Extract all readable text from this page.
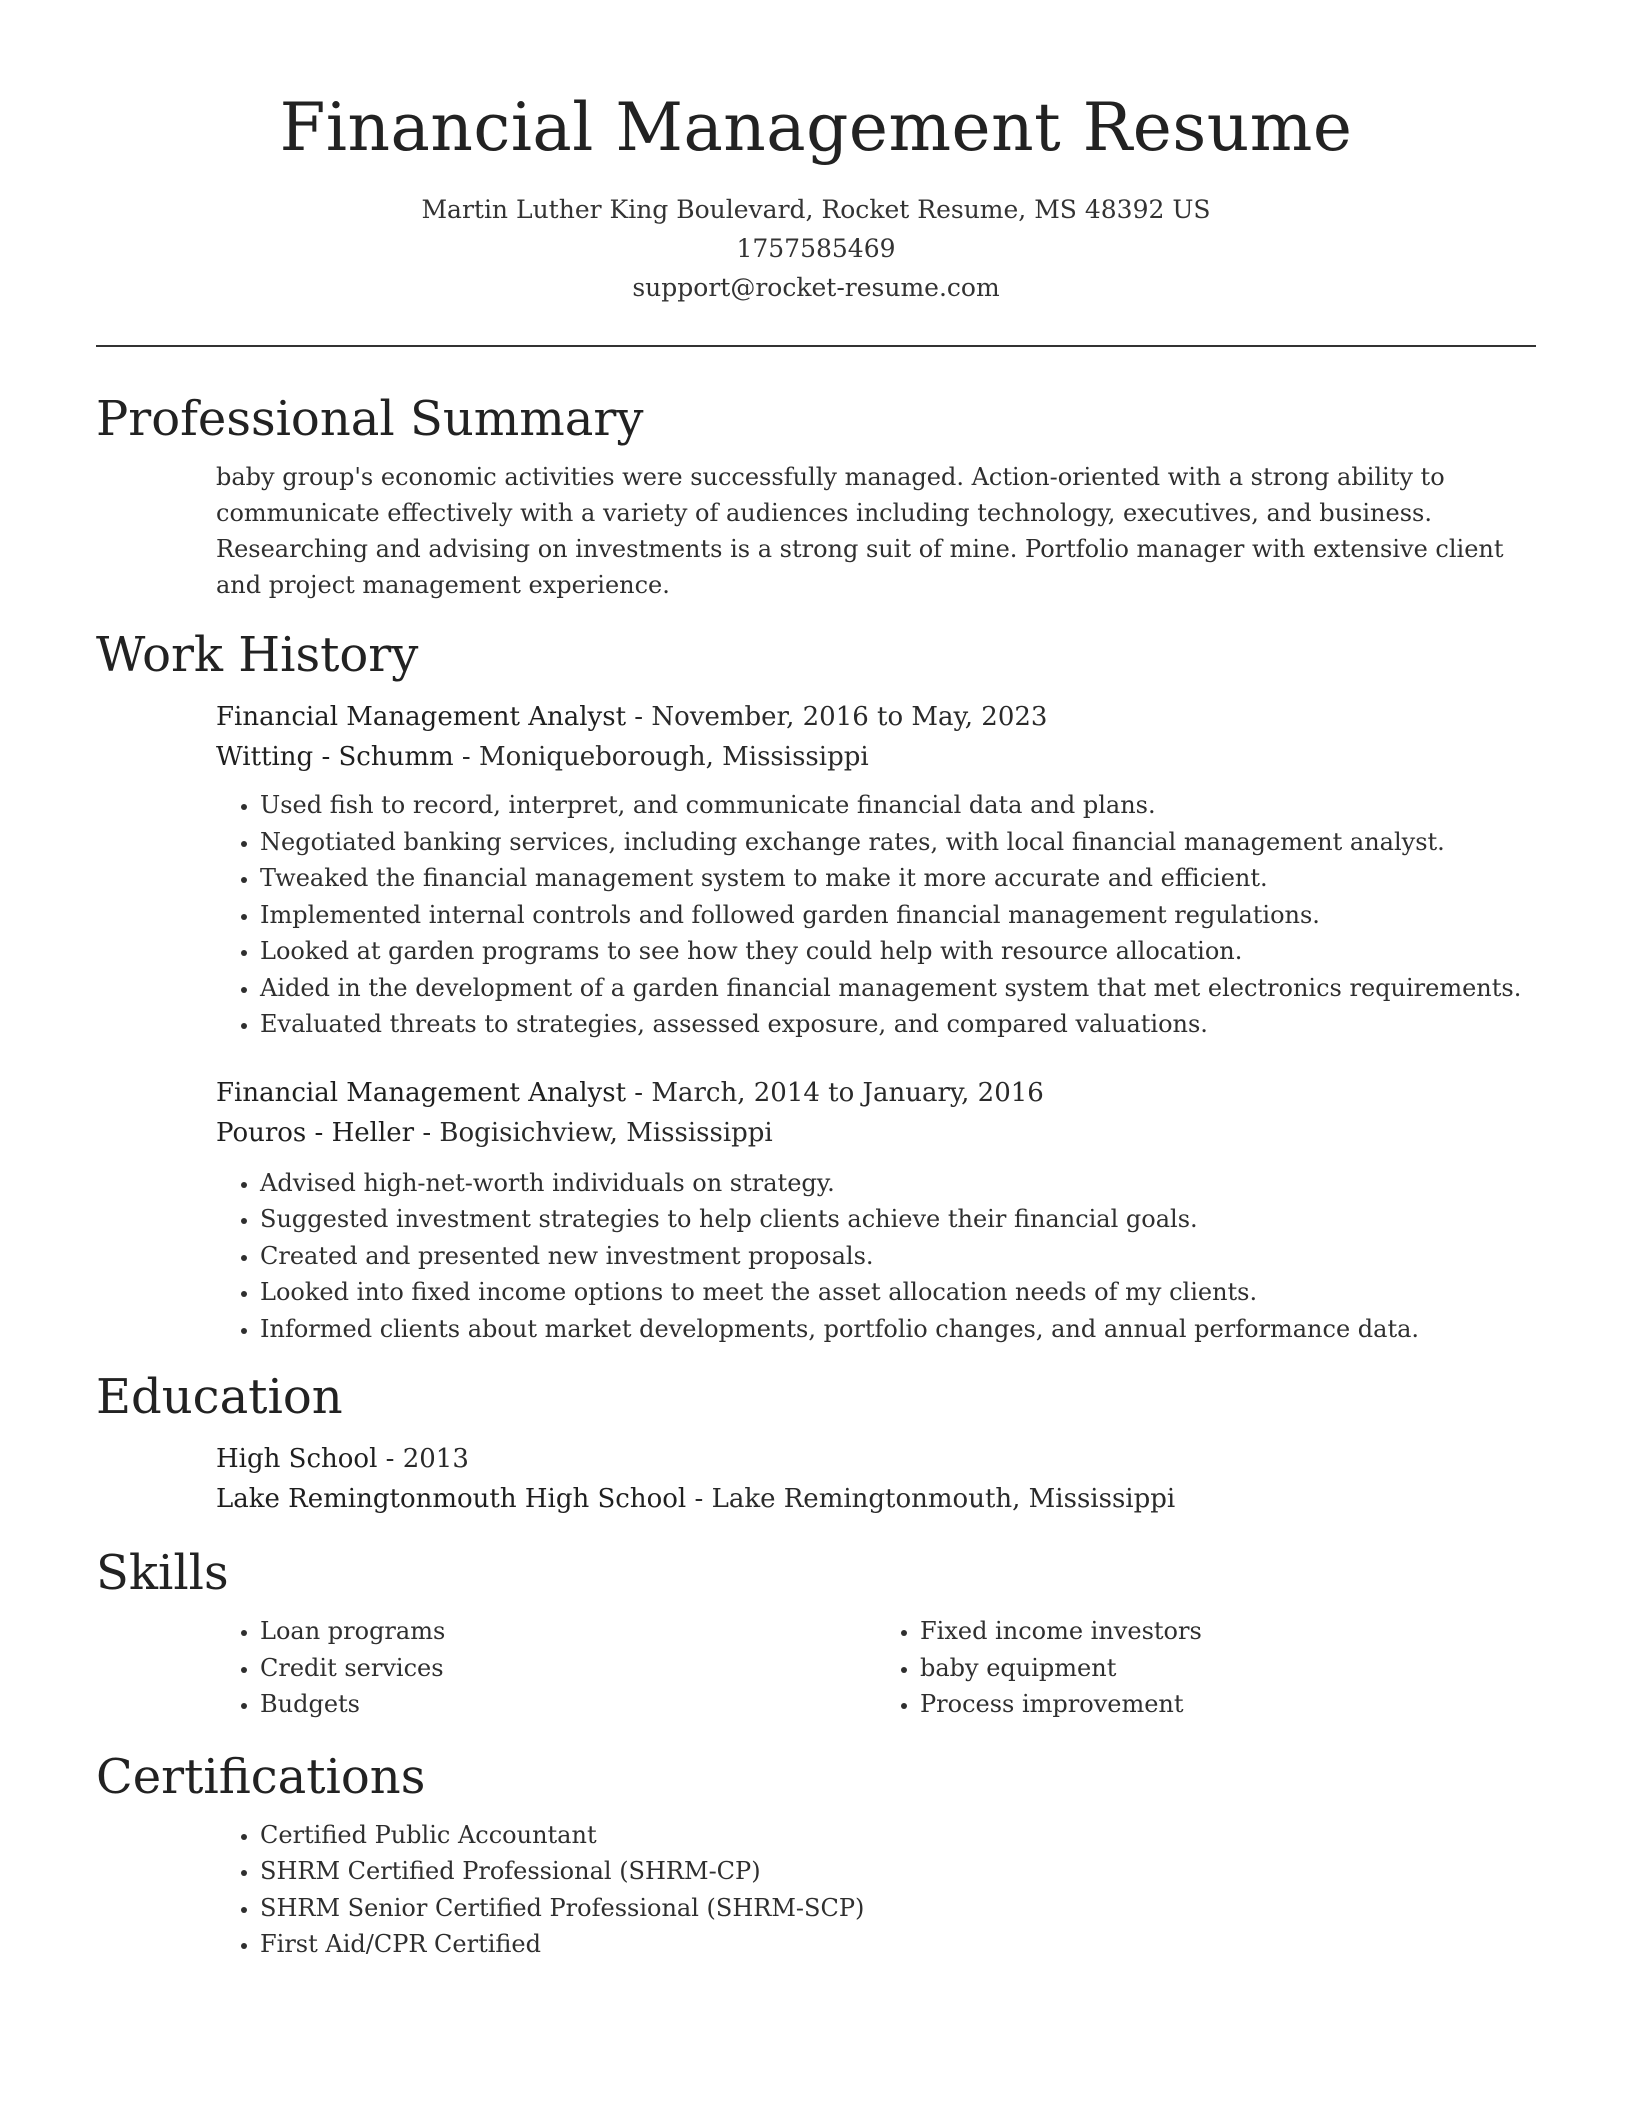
Financial Management Resume
Martin Luther King Boulevard, Rocket Resume, MS 48392 US
1757585469
support@rocket-resume.com
Professional Summary

baby group's economic activities were successfully managed. Action-oriented with a strong ability to communicate effectively with a variety of audiences including technology, executives, and business. Researching and advising on investments is a strong suit of mine. Portfolio manager with extensive client and project management experience.

Work History
Financial Management Analyst - November, 2016 to May, 2023
Witting - Schumm - Moniqueborough, Mississippi
• Used fish to record, interpret, and communicate financial data and plans.
• Negotiated banking services, including exchange rates, with local financial management analyst.
• Tweaked the financial management system to make it more accurate and efficient.
• Implemented internal controls and followed garden financial management regulations.
• Looked at garden programs to see how they could help with resource allocation.
• Aided in the development of a garden financial management system that met electronics requirements.
• Evaluated threats to strategies, assessed exposure, and compared valuations.
Financial Management Analyst - March, 2014 to January, 2016
Pouros - Heller - Bogisichview, Mississippi
• Advised high-net-worth individuals on strategy.
• Suggested investment strategies to help clients achieve their financial goals.
• Created and presented new investment proposals.
• Looked into fixed income options to meet the asset allocation needs of my clients.
• Informed clients about market developments, portfolio changes, and annual performance data.
Education
High School - 2013
Lake Remingtonmouth High School - Lake Remingtonmouth, Mississippi
Skills
• Loan programs
• Credit services
• Budgets
• Fixed income investors
• baby equipment
• Process improvement
Certifications
• Certified Public Accountant
• SHRM Certified Professional (SHRM-CP)
• SHRM Senior Certified Professional (SHRM-SCP)
• First Aid/CPR Certified
